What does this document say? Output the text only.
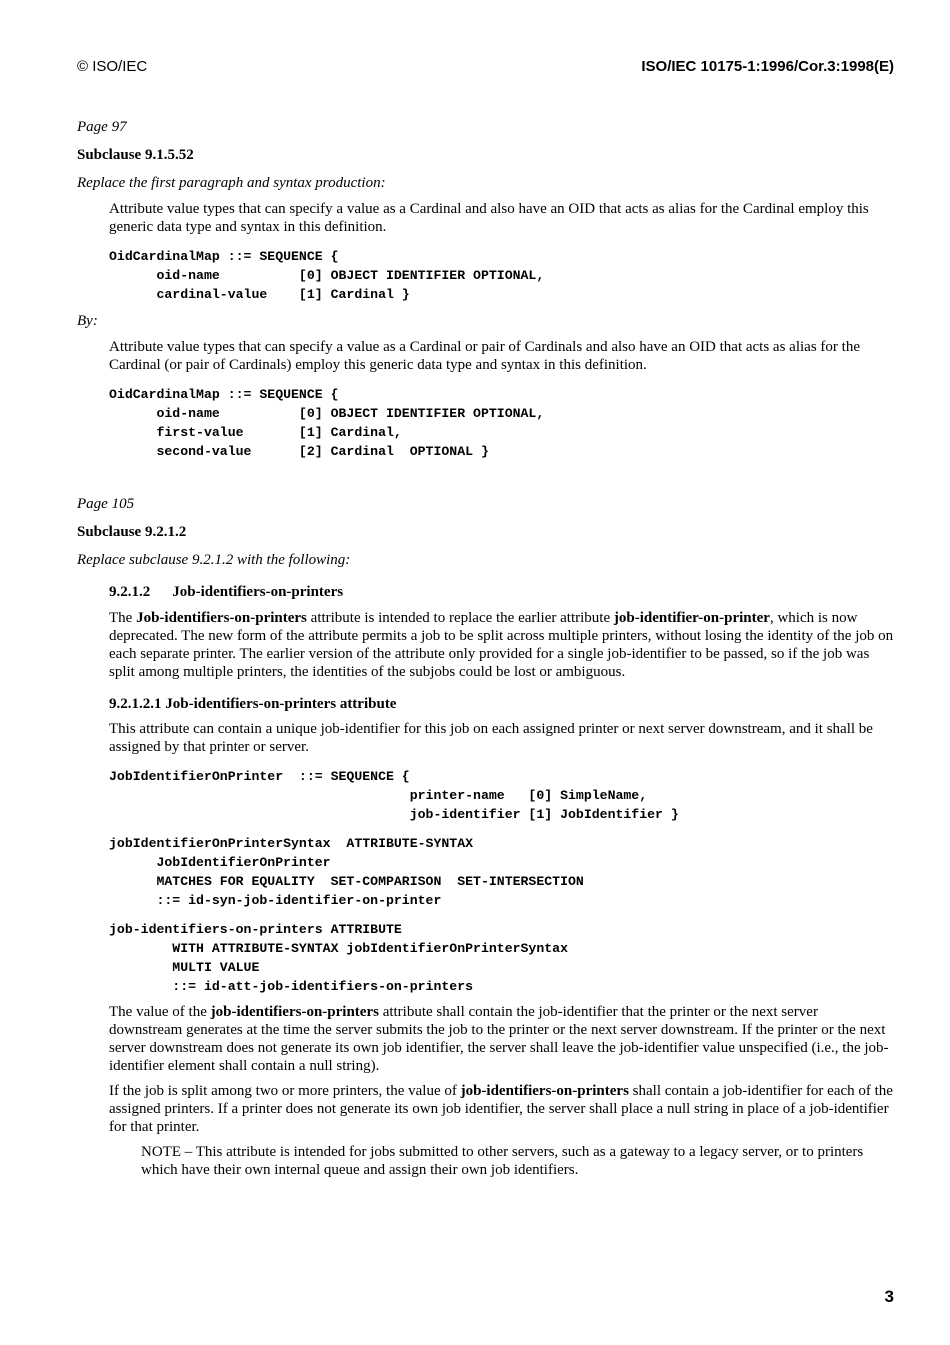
© ISO/IEC	ISO/IEC 10175-1:1996/Cor.3:1998(E)
Page 97
Subclause 9.1.5.52
Replace the first paragraph and syntax production:
Attribute value types that can specify a value as a Cardinal and also have an OID that acts as alias for the Cardinal employ this generic data type and syntax in this definition.
OidCardinalMap ::= SEQUENCE {
oid-name          [0] OBJECT IDENTIFIER OPTIONAL,
cardinal-value    [1] Cardinal }
By:
Attribute value types that can specify a value as a Cardinal or pair of Cardinals and also have an OID that acts as alias for the Cardinal (or pair of Cardinals) employ this generic data type and syntax in this definition.
OidCardinalMap ::= SEQUENCE {
oid-name          [0] OBJECT IDENTIFIER OPTIONAL,
first-value       [1] Cardinal,
second-value      [2] Cardinal  OPTIONAL }
Page 105
Subclause 9.2.1.2
Replace subclause 9.2.1.2 with the following:
9.2.1.2 Job-identifiers-on-printers
The Job-identifiers-on-printers attribute is intended to replace the earlier attribute job-identifier-on-printer, which is now deprecated. The new form of the attribute permits a job to be split across multiple printers, without losing the identity of the job on each separate printer. The earlier version of the attribute only provided for a single job-identifier to be passed, so if the job was split among multiple printers, the identities of the subjobs could be lost or ambiguous.
9.2.1.2.1 Job-identifiers-on-printers attribute
This attribute can contain a unique job-identifier for this job on each assigned printer or next server downstream, and it shall be assigned by that printer or server.
JobIdentifierOnPrinter  ::= SEQUENCE {
printer-name   [0] SimpleName,
job-identifier [1] JobIdentifier }
jobIdentifierOnPrinterSyntax  ATTRIBUTE-SYNTAX
JobIdentifierOnPrinter
MATCHES FOR EQUALITY  SET-COMPARISON  SET-INTERSECTION
::= id-syn-job-identifier-on-printer
job-identifiers-on-printers ATTRIBUTE
WITH ATTRIBUTE-SYNTAX jobIdentifierOnPrinterSyntax
MULTI VALUE
::= id-att-job-identifiers-on-printers
The value of the job-identifiers-on-printers attribute shall contain the job-identifier that the printer or the next server downstream generates at the time the server submits the job to the printer or the next server downstream. If the printer or the next server downstream does not generate its own job identifier, the server shall leave the job-identifier value unspecified (i.e., the job-identifier element shall contain a null string).
If the job is split among two or more printers, the value of job-identifiers-on-printers shall contain a job-identifier for each of the assigned printers. If a printer does not generate its own job identifier, the server shall place a null string in place of a job-identifier for that printer.
NOTE – This attribute is intended for jobs submitted to other servers, such as a gateway to a legacy server, or to printers which have their own internal queue and assign their own job identifiers.
3
